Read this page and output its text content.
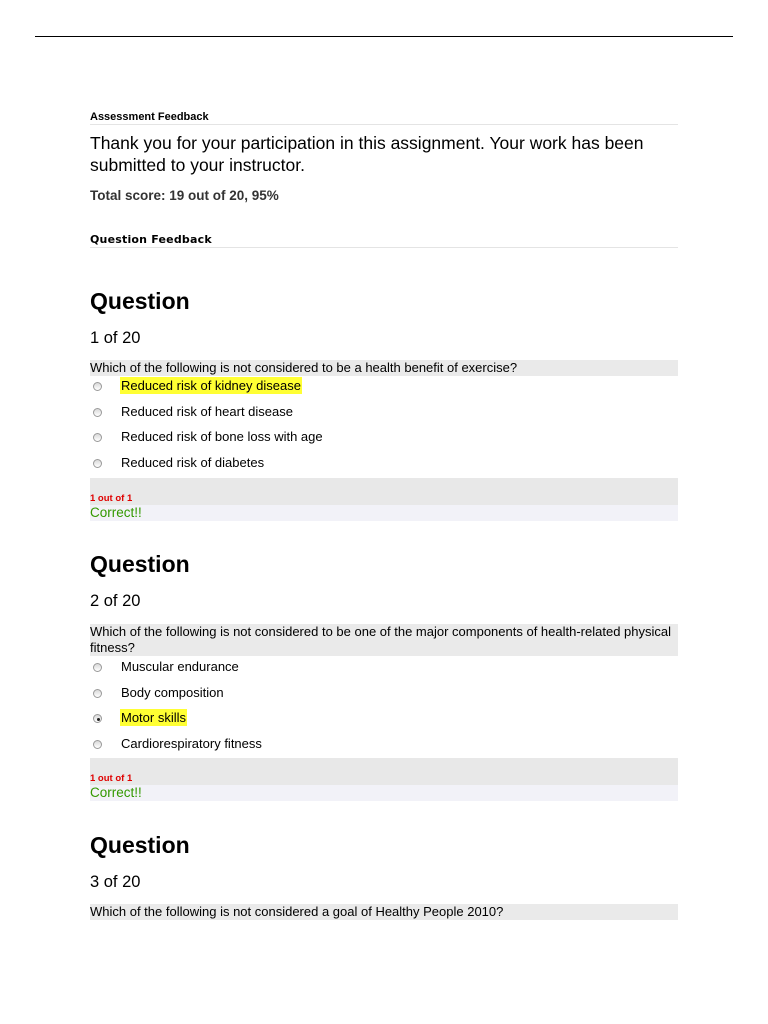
Assessment Feedback
Thank you for your participation in this assignment. Your work has been submitted to your instructor.
Total score: 19 out of 20, 95%
Question Feedback
Question
1 of 20
Which of the following is not considered to be a health benefit of exercise?
Reduced risk of kidney disease
Reduced risk of heart disease
Reduced risk of bone loss with age
Reduced risk of diabetes
1 out of 1
Correct!!
Question
2 of 20
Which of the following is not considered to be one of the major components of health-related physical fitness?
Muscular endurance
Body composition
Motor skills
Cardiorespiratory fitness
1 out of 1
Correct!!
Question
3 of 20
Which of the following is not considered a goal of Healthy People 2010?
